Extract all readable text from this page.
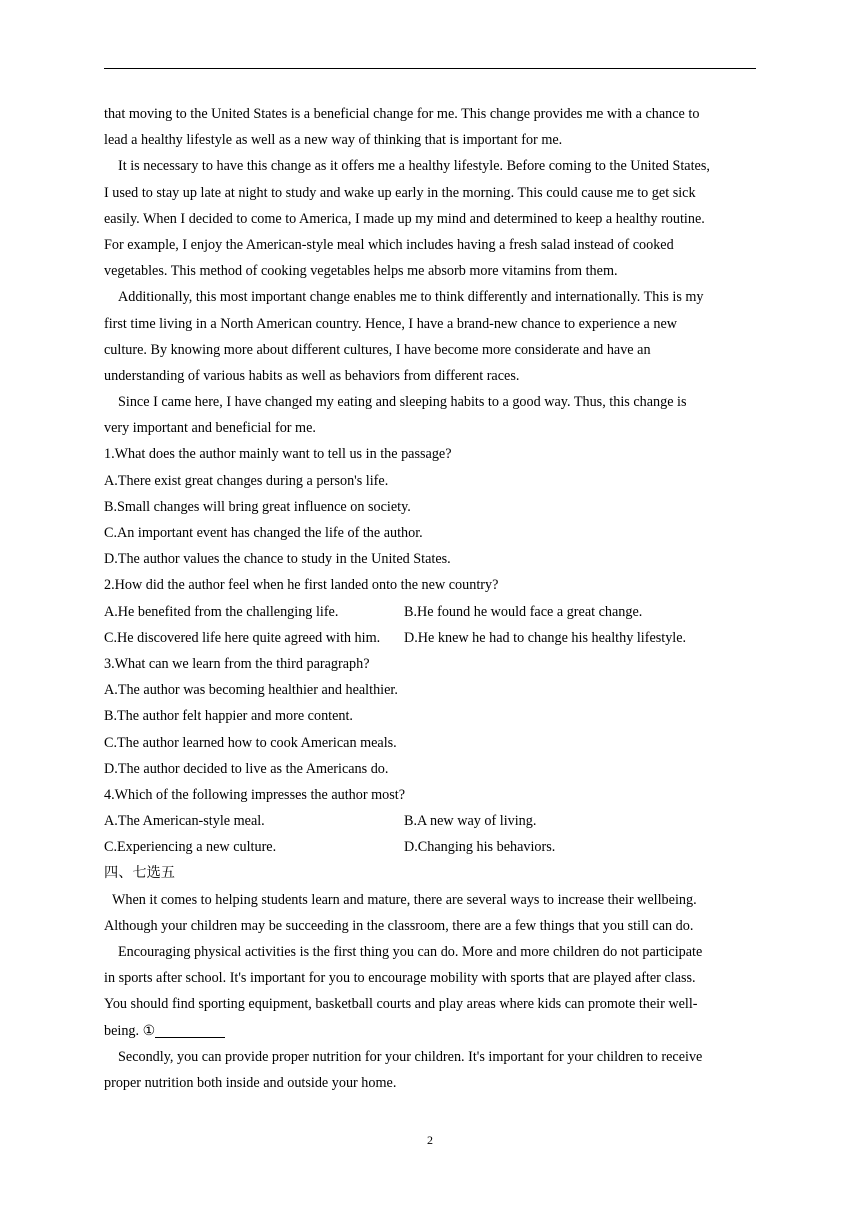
that moving to the United States is a beneficial change for me. This change provides me with a chance to
lead a healthy lifestyle as well as a new way of thinking that is important for me.
It is necessary to have this change as it offers me a healthy lifestyle. Before coming to the United States,
I used to stay up late at night to study and wake up early in the morning. This could cause me to get sick
easily. When I decided to come to America, I made up my mind and determined to keep a healthy routine.
For example, I enjoy the American-style meal which includes having a fresh salad instead of cooked
vegetables. This method of cooking vegetables helps me absorb more vitamins from them.
Additionally, this most important change enables me to think differently and internationally. This is my
first time living in a North American country. Hence, I have a brand-new chance to experience a new
culture. By knowing more about different cultures, I have become more considerate and have an
understanding of various habits as well as behaviors from different races.
Since I came here, I have changed my eating and sleeping habits to a good way. Thus, this change is
very important and beneficial for me.
1.What does the author mainly want to tell us in the passage?
A.There exist great changes during a person's life.
B.Small changes will bring great influence on society.
C.An important event has changed the life of the author.
D.The author values the chance to study in the United States.
2.How did the author feel when he first landed onto the new country?
A.He benefited from the challenging life.	B.He found he would face a great change.
C.He discovered life here quite agreed with him.	D.He knew he had to change his healthy lifestyle.
3.What can we learn from the third paragraph?
A.The author was becoming healthier and healthier.
B.The author felt happier and more content.
C.The author learned how to cook American meals.
D.The author decided to live as the Americans do.
4.Which of the following impresses the author most?
A.The American-style meal.	B.A new way of living.
C.Experiencing a new culture.	D.Changing his behaviors.
四、七选五
When it comes to helping students learn and mature, there are several ways to increase their wellbeing.
Although your children may be succeeding in the classroom, there are a few things that you still can do.
Encouraging physical activities is the first thing you can do. More and more children do not participate
in sports after school. It's important for you to encourage mobility with sports that are played after class.
You should find sporting equipment, basketball courts and play areas where kids can promote their well-
being. ①
Secondly, you can provide proper nutrition for your children. It's important for your children to receive
proper nutrition both inside and outside your home.
2
